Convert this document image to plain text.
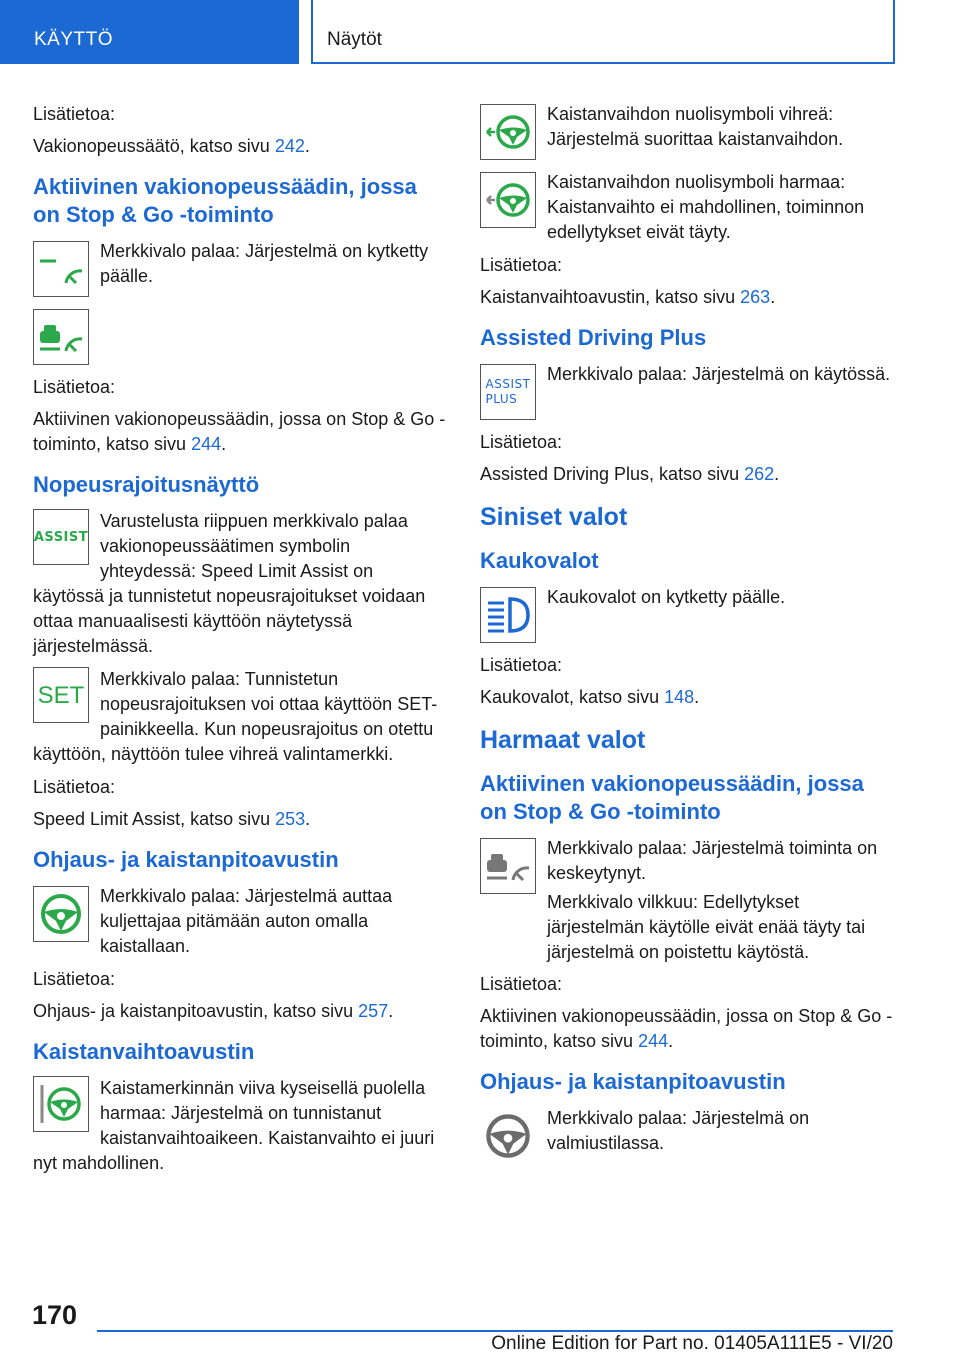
KÄYTTÖ	Näytöt

Lisätietoa:

Vakionopeussäätö, katso sivu 242.

Aktiivinen vakionopeussäädin, jossa on Stop & Go -toiminto
Merkkivalo palaa: Järjestelmä on kytketty päälle.

Lisätietoa:

Aktiivinen vakionopeussäädin, jossa on Stop & Go -toiminto, katso sivu 244.

Nopeusrajoitusnäyttö
ASSIST
Varustelusta riippuen merkkivalo palaa vakionopeussäätimen symbolin yhteydessä: Speed Limit Assist on käytössä ja tunnistetut nopeusrajoitukset voidaan ottaa manuaalisesti käyttöön näytetyssä järjestelmässä.
SET
Merkkivalo palaa: Tunnistetun nopeusrajoituksen voi ottaa käyttöön SET-painikkeella. Kun nopeusrajoitus on otettu käyttöön, näyttöön tulee vihreä valintamerkki.

Lisätietoa:

Speed Limit Assist, katso sivu 253.

Ohjaus- ja kaistanpitoavustin
Merkkivalo palaa: Järjestelmä auttaa kuljettajaa pitämään auton omalla kaistallaan.

Lisätietoa:

Ohjaus- ja kaistanpitoavustin, katso sivu 257.

Kaistanvaihtoavustin
Kaistamerkinnän viiva kyseisellä puolella harmaa: Järjestelmä on tunnistanut kaistanvaihtoaikeen. Kaistanvaihto ei juuri nyt mahdollinen.
Kaistanvaihdon nuolisymboli vihreä: Järjestelmä suorittaa kaistanvaihdon.
Kaistanvaihdon nuolisymboli harmaa: Kaistanvaihto ei mahdollinen, toiminnon edellytykset eivät täyty.

Lisätietoa:

Kaistanvaihtoavustin, katso sivu 263.

Assisted Driving Plus
ASSIST
PLUS
Merkkivalo palaa: Järjestelmä on käytössä.

Lisätietoa:

Assisted Driving Plus, katso sivu 262.

Siniset valot
Kaukovalot
Kaukovalot on kytketty päälle.

Lisätietoa:

Kaukovalot, katso sivu 148.

Harmaat valot
Aktiivinen vakionopeussäädin, jossa on Stop & Go -toiminto
Merkkivalo palaa: Järjestelmä toiminta on keskeytynyt.

Merkkivalo vilkkuu: Edellytykset järjestelmän käytölle eivät enää täyty tai järjestelmä on poistettu käytöstä.

Lisätietoa:

Aktiivinen vakionopeussäädin, jossa on Stop & Go -toiminto, katso sivu 244.

Ohjaus- ja kaistanpitoavustin
Merkkivalo palaa: Järjestelmä on valmiustilassa.
170
Online Edition for Part no. 01405A111E5 - VI/20
